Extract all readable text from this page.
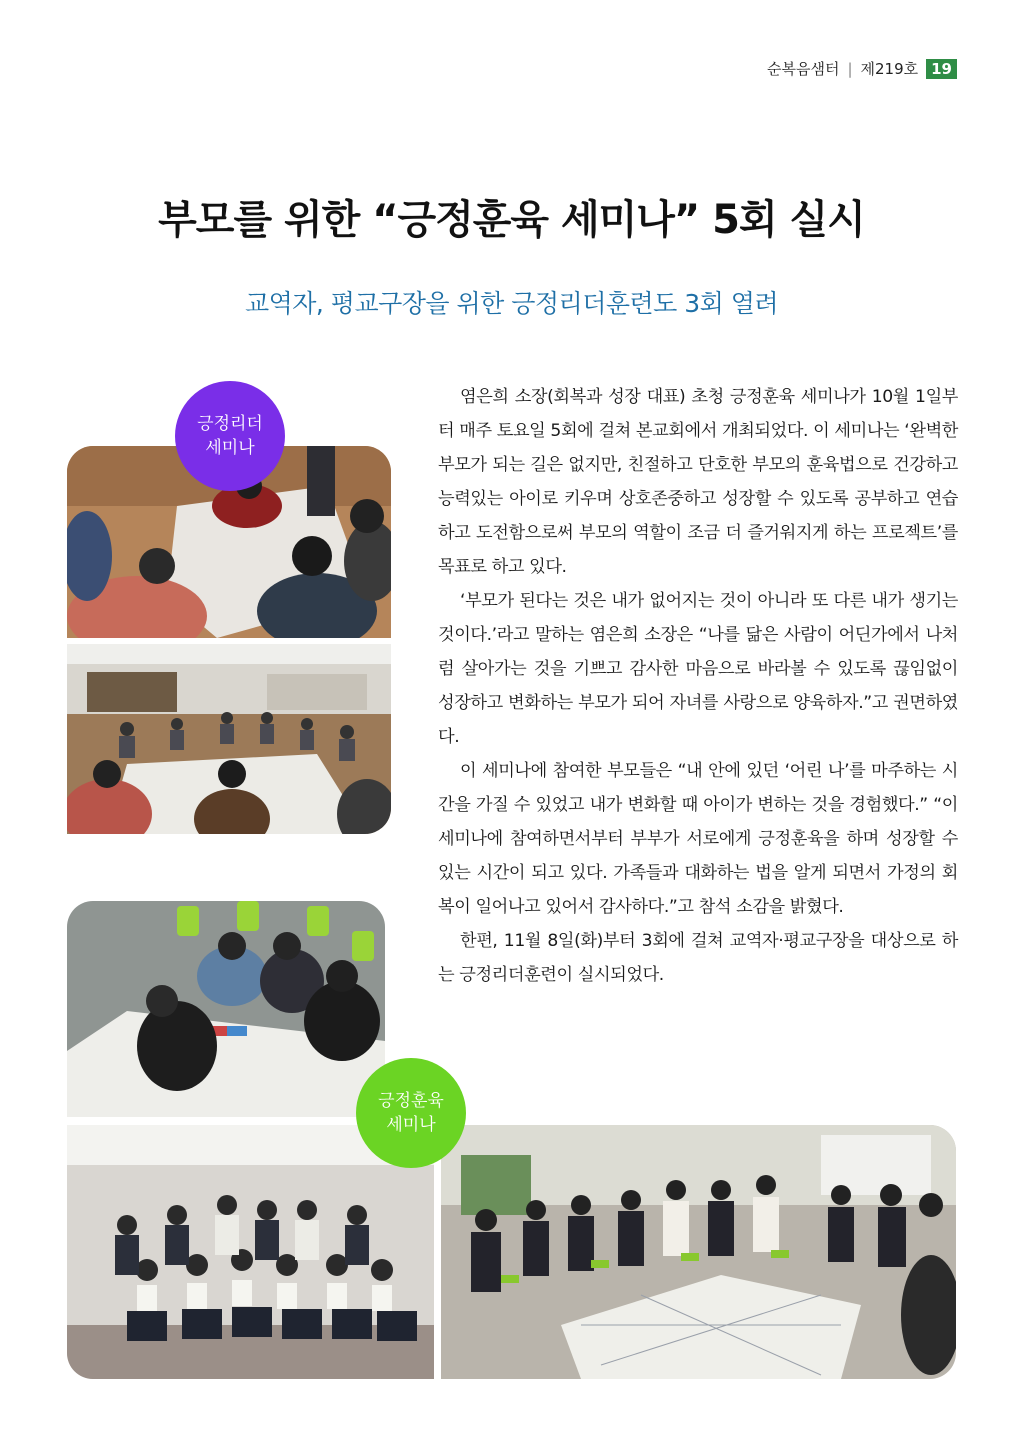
순복음샘터 | 제219호 19
부모를 위한 “긍정훈육 세미나” 5회 실시
교역자, 평교구장을 위한 긍정리더훈련도 3회 열려
긍정리더
세미나
긍정훈육
세미나

염은희 소장(회복과 성장 대표) 초청 긍정훈육 세미나가 10월 1일부터 매주 토요일 5회에 걸쳐 본교회에서 개최되었다. 이 세미나는 ‘완벽한 부모가 되는 길은 없지만, 친절하고 단호한 부모의 훈육법으로 건강하고 능력있는 아이로 키우며 상호존중하고 성장할 수 있도록 공부하고 연습하고 도전함으로써 부모의 역할이 조금 더 즐거워지게 하는 프로젝트’를 목표로 하고 있다.

‘부모가 된다는 것은 내가 없어지는 것이 아니라 또 다른 내가 생기는 것이다.’라고 말하는 염은희 소장은 “나를 닮은 사람이 어딘가에서 나처럼 살아가는 것을 기쁘고 감사한 마음으로 바라볼 수 있도록 끊임없이 성장하고 변화하는 부모가 되어 자녀를 사랑으로 양육하자.”고 권면하였다.

이 세미나에 참여한 부모들은 “내 안에 있던 ‘어린 나’를 마주하는 시간을 가질 수 있었고 내가 변화할 때 아이가 변하는 것을 경험했다.” “이 세미나에 참여하면서부터 부부가 서로에게 긍정훈육을 하며 성장할 수 있는 시간이 되고 있다. 가족들과 대화하는 법을 알게 되면서 가정의 회복이 일어나고 있어서 감사하다.”고 참석 소감을 밝혔다.

한편, 11월 8일(화)부터 3회에 걸쳐 교역자·평교구장을 대상으로 하는 긍정리더훈련이 실시되었다.
